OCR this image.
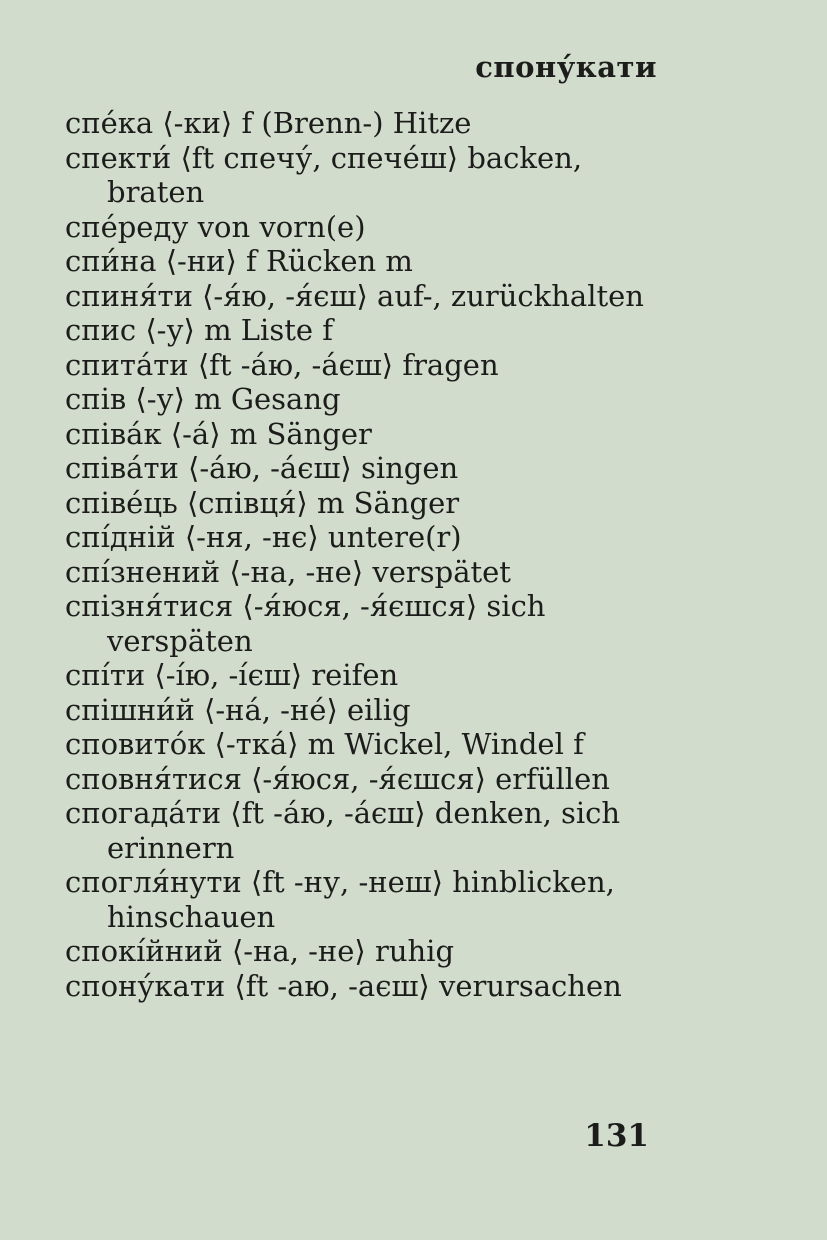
спону́кати

спе́ка ⟨-ки⟩ f (Brenn-) Hitze

спекти́ ⟨ft спечу́, спече́ш⟩ backen, braten

спе́реду von vorn(e)

спи́на ⟨-ни⟩ f Rücken m

спиня́ти ⟨-я́ю, -я́єш⟩ auf-, zurückhalten

спис ⟨-у⟩ m Liste f

спита́ти ⟨ft -а́ю, -а́єш⟩ fragen

спів ⟨-у⟩ m Gesang

співа́к ⟨-а́⟩ m Sänger

співа́ти ⟨-а́ю, -а́єш⟩ singen

співе́ць ⟨співця́⟩ m Sänger

спі́дній ⟨-ня, -нє⟩ untere(r)

спі́знений ⟨-на, -не⟩ verspätet

спізня́тися ⟨-я́юся, -я́єшся⟩ sich verspäten

спі́ти ⟨-і́ю, -і́єш⟩ reifen

спішни́й ⟨-на́, -не́⟩ eilig

сповито́к ⟨-тка́⟩ m Wickel, Windel f

сповня́тися ⟨-я́юся, -я́єшся⟩ erfüllen

спогада́ти ⟨ft -а́ю, -а́єш⟩ denken, sich erinnern

спогля́нути ⟨ft -ну, -неш⟩ hinblicken, hinschauen

спокі́йний ⟨-на, -не⟩ ruhig

спону́кати ⟨ft -аю, -аєш⟩ verursachen

131
